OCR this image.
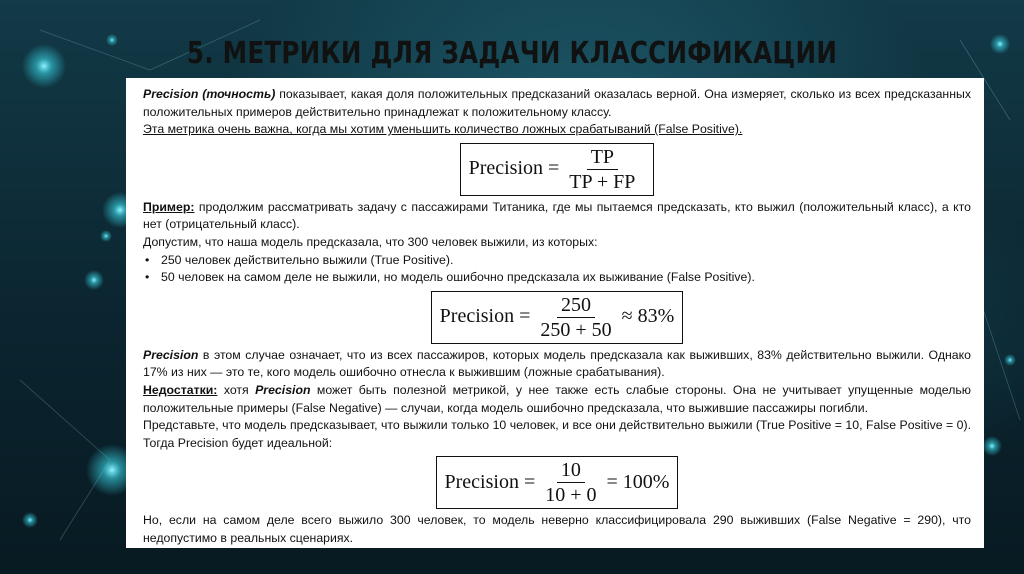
5. МЕТРИКИ ДЛЯ ЗАДАЧИ КЛАССИФИКАЦИИ

Precision (точность) показывает, какая доля положительных предсказаний оказалась верной. Она измеряет, сколько из всех предсказанных положительных примеров действительно принадлежат к положительному классу.

Эта метрика очень важна, когда мы хотим уменьшить количество ложных срабатываний (False Positive).

Precision = $\frac{TP}{TP + FP}$

Пример: продолжим рассматривать задачу с пассажирами Титаника, где мы пытаемся предсказать, кто выжил (положительный класс), а кто нет (отрицательный класс).

Допустим, что наша модель предсказала, что 300 человек выжили, из которых:

• 250 человек действительно выжили (True Positive).
• 50 человек на самом деле не выжили, но модель ошибочно предсказала их выживание (False Positive).
Precision = $\frac{250}{250 + 50} \approx 83\%$

Precision в этом случае означает, что из всех пассажиров, которых модель предсказала как выживших, 83% действительно выжили. Однако 17% из них — это те, кого модель ошибочно отнесла к выжившим (ложные срабатывания).

Недостатки: хотя Precision может быть полезной метрикой, у нее также есть слабые стороны. Она не учитывает упущенные моделью положительные примеры (False Negative) — случаи, когда модель ошибочно предсказала, что выжившие пассажиры погибли.

Представьте, что модель предсказывает, что выжили только 10 человек, и все они действительно выжили (True Positive = 10, False Positive = 0). Тогда Precision будет идеальной:

Precision = $\frac{10}{10 + 0} = 100\%$

Но, если на самом деле всего выжило 300 человек, то модель неверно классифицировала 290 выживших (False Negative = 290), что недопустимо в реальных сценариях.
